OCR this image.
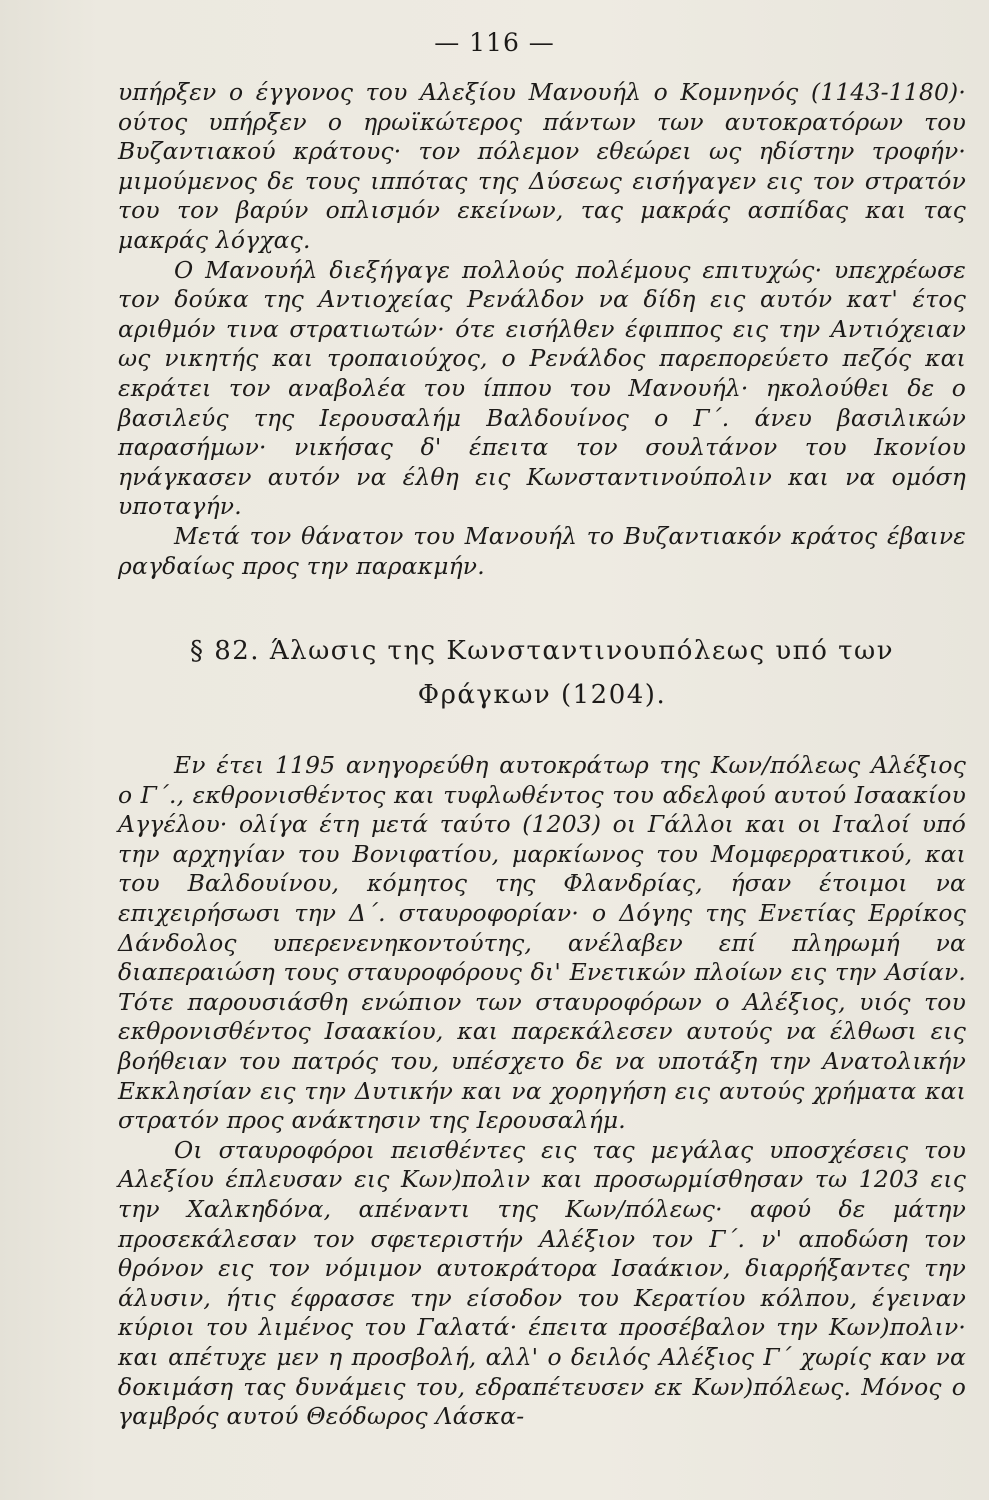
— 116 —

υπήρξεν ο έγγονος του Αλεξίου Μανουήλ ο Κομνηνός (1143-1180)· ούτος υπήρξεν ο ηρωϊκώτερος πάντων των αυτοκρατόρων του Βυζαντιακού κράτους· τον πόλεμον εθεώρει ως ηδίστην τροφήν· μιμούμενος δε τους ιππότας της Δύσεως εισήγαγεν εις τον στρατόν του τον βαρύν οπλισμόν εκείνων, τας μακράς ασπίδας και τας μακράς λόγχας.

Ο Μανουήλ διεξήγαγε πολλούς πολέμους επιτυχώς· υπεχρέωσε τον δούκα της Αντιοχείας Ρενάλδον να δίδη εις αυτόν κατ' έτος αριθμόν τινα στρατιωτών· ότε εισήλθεν έφιππος εις την Αντιόχειαν ως νικητής και τροπαιούχος, ο Ρενάλδος παρεπορεύετο πεζός και εκράτει τον αναβολέα του ίππου του Μανουήλ· ηκολούθει δε ο βασιλεύς της Ιερουσαλήμ Βαλδουίνος ο Γ΄. άνευ βασιλικών παρασήμων· νικήσας δ' έπειτα τον σουλτάνον του Ικονίου ηνάγκασεν αυτόν να έλθη εις Κωνσταντινούπολιν και να ομόση υποταγήν.

Μετά τον θάνατον του Μανουήλ το Βυζαντιακόν κράτος έβαινε ραγδαίως προς την παρακμήν.

§ 82. Άλωσις της Κωνσταντινουπόλεως υπό των
Φράγκων (1204).

Εν έτει 1195 ανηγορεύθη αυτοκράτωρ της Κων/πόλεως Αλέξιος ο Γ΄., εκθρονισθέντος και τυφλωθέντος του αδελφού αυτού Ισαακίου Αγγέλου· ολίγα έτη μετά ταύτο (1203) οι Γάλλοι και οι Ιταλοί υπό την αρχηγίαν του Βονιφατίου, μαρκίωνος του Μομφερρατικού, και του Βαλδουίνου, κόμητος της Φλανδρίας, ήσαν έτοιμοι να επιχειρήσωσι την Δ΄. σταυροφορίαν· ο Δόγης της Ενετίας Ερρίκος Δάνδολος υπερενενηκοντούτης, ανέλαβεν επί πληρωμή να διαπεραιώση τους σταυροφόρους δι' Ενετικών πλοίων εις την Ασίαν. Τότε παρουσιάσθη ενώπιον των σταυροφόρων ο Αλέξιος, υιός του εκθρονισθέντος Ισαακίου, και παρεκάλεσεν αυτούς να έλθωσι εις βοήθειαν του πατρός του, υπέσχετο δε να υποτάξη την Ανατολικήν Εκκλησίαν εις την Δυτικήν και να χορηγήση εις αυτούς χρήματα και στρατόν προς ανάκτησιν της Ιερουσαλήμ.

Οι σταυροφόροι πεισθέντες εις τας μεγάλας υποσχέσεις του Αλεξίου έπλευσαν εις Κων)πολιν και προσωρμίσθησαν τω 1203 εις την Χαλκηδόνα, απέναντι της Κων/πόλεως· αφού δε μάτην προσεκάλεσαν τον σφετεριστήν Αλέξιον τον Γ΄. ν' αποδώση τον θρόνον εις τον νόμιμον αυτοκράτορα Ισαάκιον, διαρρήξαντες την άλυσιν, ήτις έφρασσε την είσοδον του Κερατίου κόλπου, έγειναν κύριοι του λιμένος του Γαλατά· έπειτα προσέβαλον την Κων)πολιν· και απέτυχε μεν η προσβολή, αλλ' ο δειλός Αλέξιος Γ΄ χωρίς καν να δοκιμάση τας δυνάμεις του, εδραπέτευσεν εκ Κων)πόλεως. Μόνος ο γαμβρός αυτού Θεόδωρος Λάσκα-
